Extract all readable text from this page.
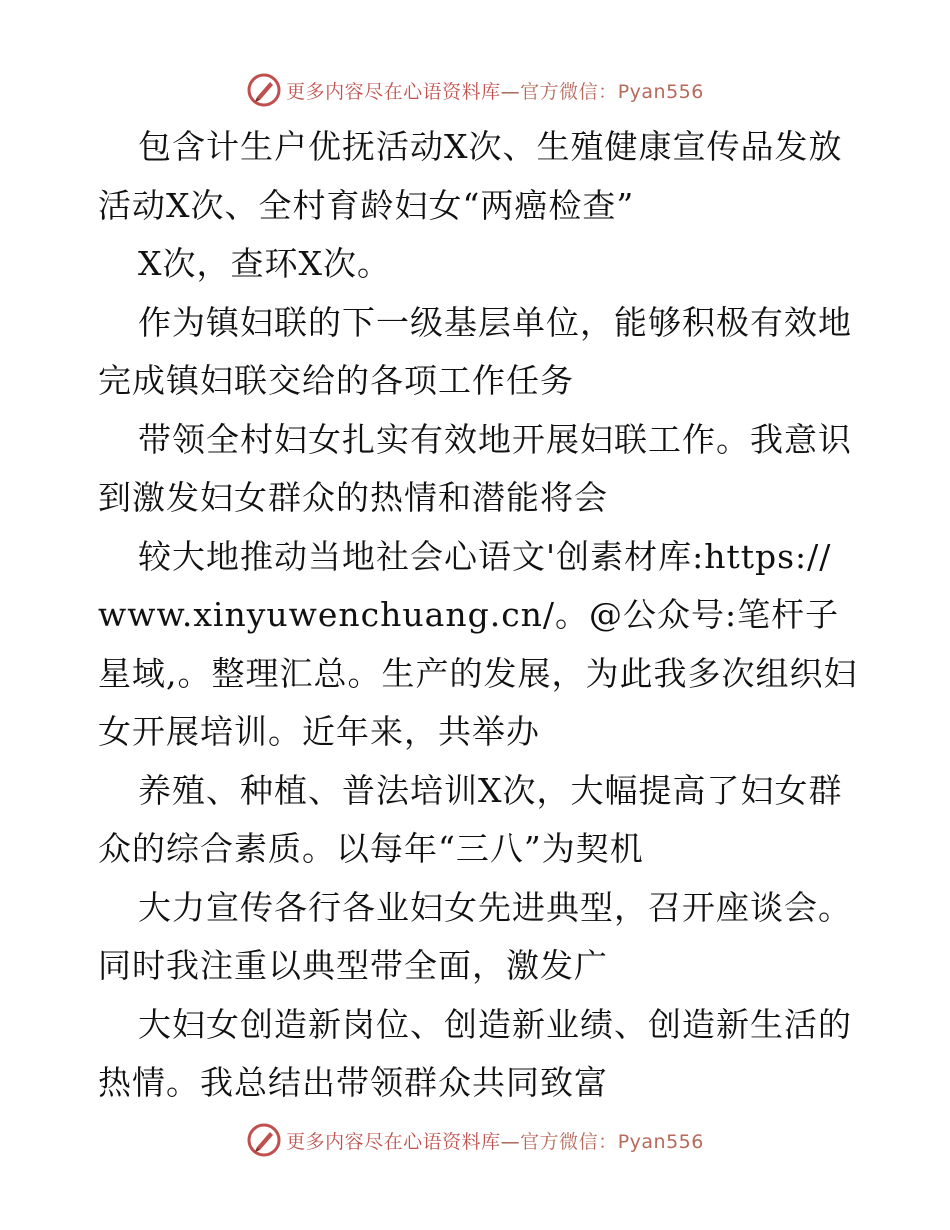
更多内容尽在心语资料库—官方微信：Pyan556

包含计生户优抚活动X次、生殖健康宣传品发放活动X次、全村育龄妇女“两癌检查”

X次，查环X次。

作为镇妇联的下一级基层单位，能够积极有效地完成镇妇联交给的各项工作任务

带领全村妇女扎实有效地开展妇联工作。我意识到激发妇女群众的热情和潜能将会

较大地推动当地社会心语文'创素材库:https://www.xinyuwenchuang.cn/。@公众号:笔杆子星域,。整理汇总。生产的发展，为此我多次组织妇女开展培训。近年来，共举办

养殖、种植、普法培训X次，大幅提高了妇女群众的综合素质。以每年“三八”为契机

大力宣传各行各业妇女先进典型，召开座谈会。同时我注重以典型带全面，激发广

大妇女创造新岗位、创造新业绩、创造新生活的热情。我总结出带领群众共同致富

更多内容尽在心语资料库—官方微信：Pyan556
